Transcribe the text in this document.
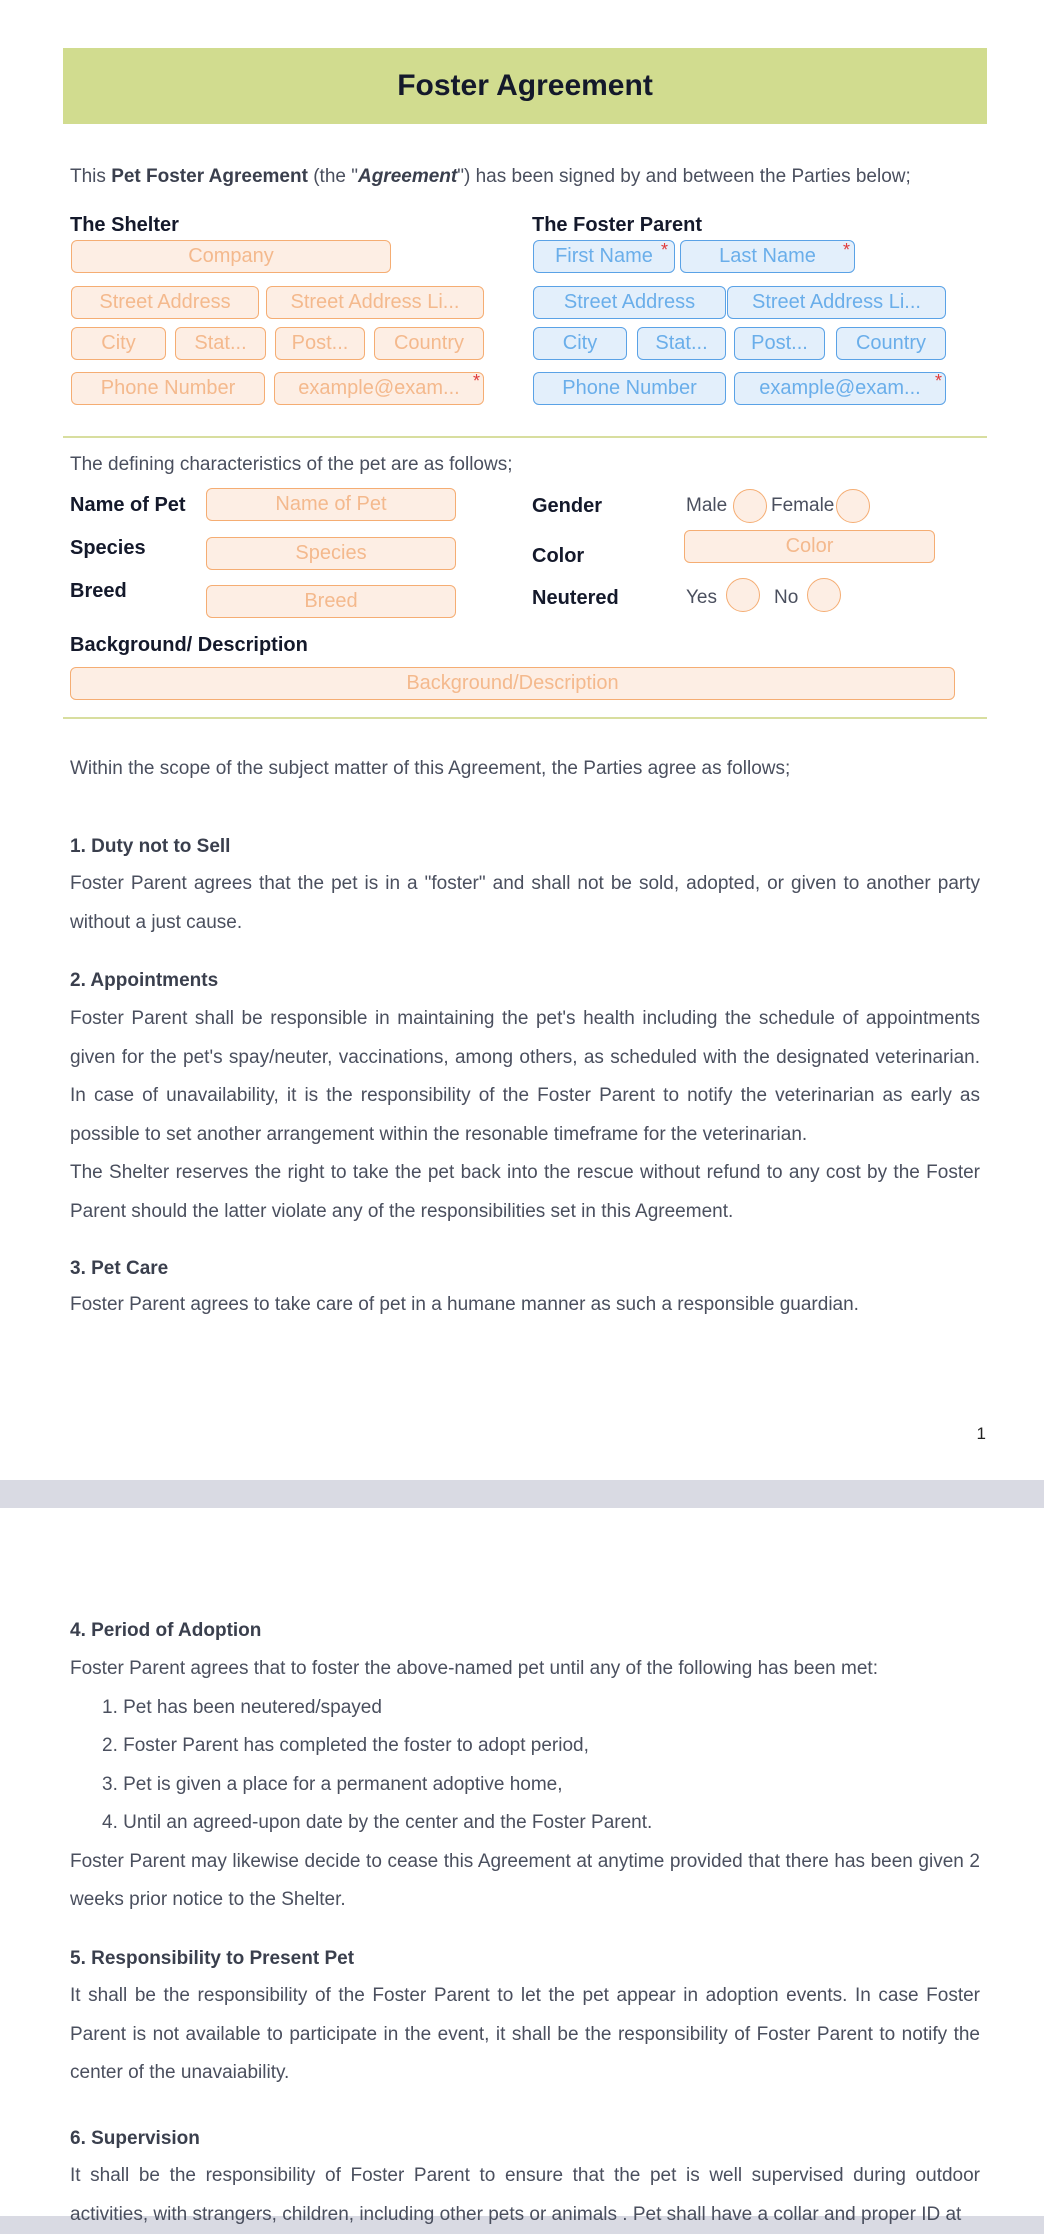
Foster Agreement
This Pet Foster Agreement (the "Agreement") has been signed by and between the Parties below;
The Shelter
Company
Street Address	Street Address Li...
City	Stat...	Post...	Country
Phone Number	example@exam... *
The Foster Parent
First Name *	Last Name	*
Street Address	Street Address Li...
City	Stat...	Post...	Country
Phone Number	example@exam... *
The defining characteristics of the pet are as follows;
Name of Pet	Name of Pet
Species	Species
Breed	Breed
Gender	Male Female
Color	Color
Neutered	Yes	No
Background/ Description
Background/Description
Within the scope of the subject matter of this Agreement, the Parties agree as follows;
1. Duty not to Sell

Foster Parent agrees that the pet is in a "foster" and shall not be sold, adopted, or given to another party without a just cause.

2. Appointments

Foster Parent shall be responsible in maintaining the pet's health including the schedule of appointments given for the pet's spay/neuter, vaccinations, among others, as scheduled with the designated veterinarian. In case of unavailability, it is the responsibility of the Foster Parent to notify the veterinarian as early as possible to set another arrangement within the resonable timeframe for the veterinarian.

The Shelter reserves the right to take the pet back into the rescue without refund to any cost by the Foster Parent should the latter violate any of the responsibilities set in this Agreement.

3. Pet Care

Foster Parent agrees to take care of pet in a humane manner as such a responsible guardian.

1
4. Period of Adoption

Foster Parent agrees that to foster the above-named pet until any of the following has been met:

1. Pet has been neutered/spayed
2. Foster Parent has completed the foster to adopt period,
3. Pet is given a place for a permanent adoptive home,
4. Until an agreed-upon date by the center and the Foster Parent.

Foster Parent may likewise decide to cease this Agreement at anytime provided that there has been given 2 weeks prior notice to the Shelter.

5. Responsibility to Present Pet

It shall be the responsibility of the Foster Parent to let the pet appear in adoption events. In case Foster Parent is not available to participate in the event, it shall be the responsibility of Foster Parent to notify the center of the unavaiability.

6. Supervision

It shall be the responsibility of Foster Parent to ensure that the pet is well supervised during outdoor activities, with strangers, children, including other pets or animals . Pet shall have a collar and proper ID at
